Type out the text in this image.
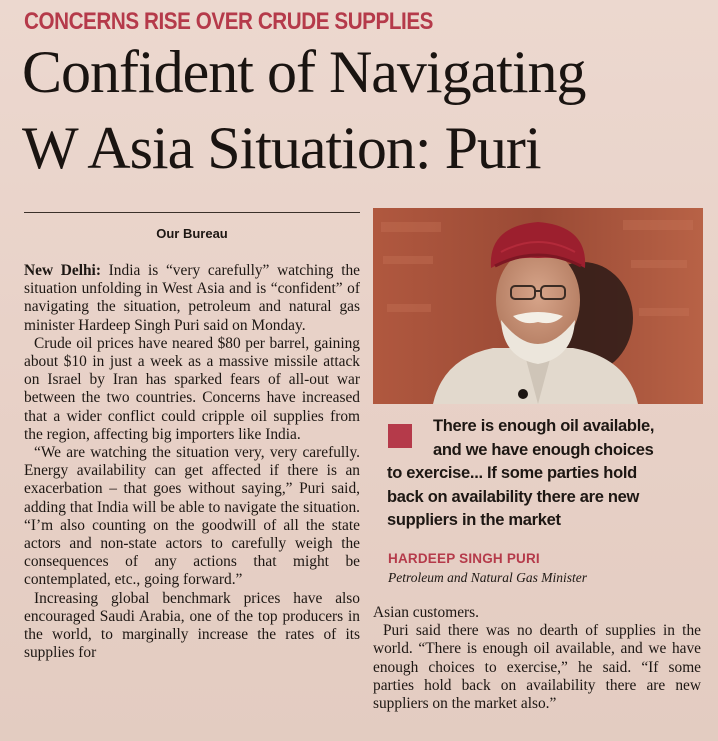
CONCERNS RISE OVER CRUDE SUPPLIES
Confident of Navigating
W Asia Situation: Puri
Our Bureau

New Delhi: India is “very carefully” watching the situation unfolding in West Asia and is “confident” of navigating the situation, petroleum and natural gas minister Hardeep Singh Puri said on Monday.

Crude oil prices have neared $80 per barrel, gaining about $10 in just a week as a massive missile attack on Israel by Iran has sparked fears of all-out war between the two countries. Concerns have increased that a wider conflict could cripple oil supplies from the region, affecting big importers like India.

“We are watching the situation very, very carefully. Energy availability can get affected if there is an exacerbation – that goes without saying,” Puri said, adding that India will be able to navigate the situation. “I’m also counting on the goodwill of all the state actors and non-state actors to carefully weigh the consequences of any actions that might be contemplated, etc., going forward.”

Increasing global benchmark prices have also encouraged Saudi Arabia, one of the top producers in the world, to marginally increase the rates of its supplies for

There is enough oil available,
and we have enough choices
to exercise... If some parties hold
back on availability there are new
suppliers in the market
HARDEEP SINGH PURI
Petroleum and Natural Gas Minister

Asian customers.

Puri said there was no dearth of supplies in the world. “There is enough oil available, and we have enough choices to exercise,” he said. “If some parties hold back on availability there are new suppliers on the market also.”
